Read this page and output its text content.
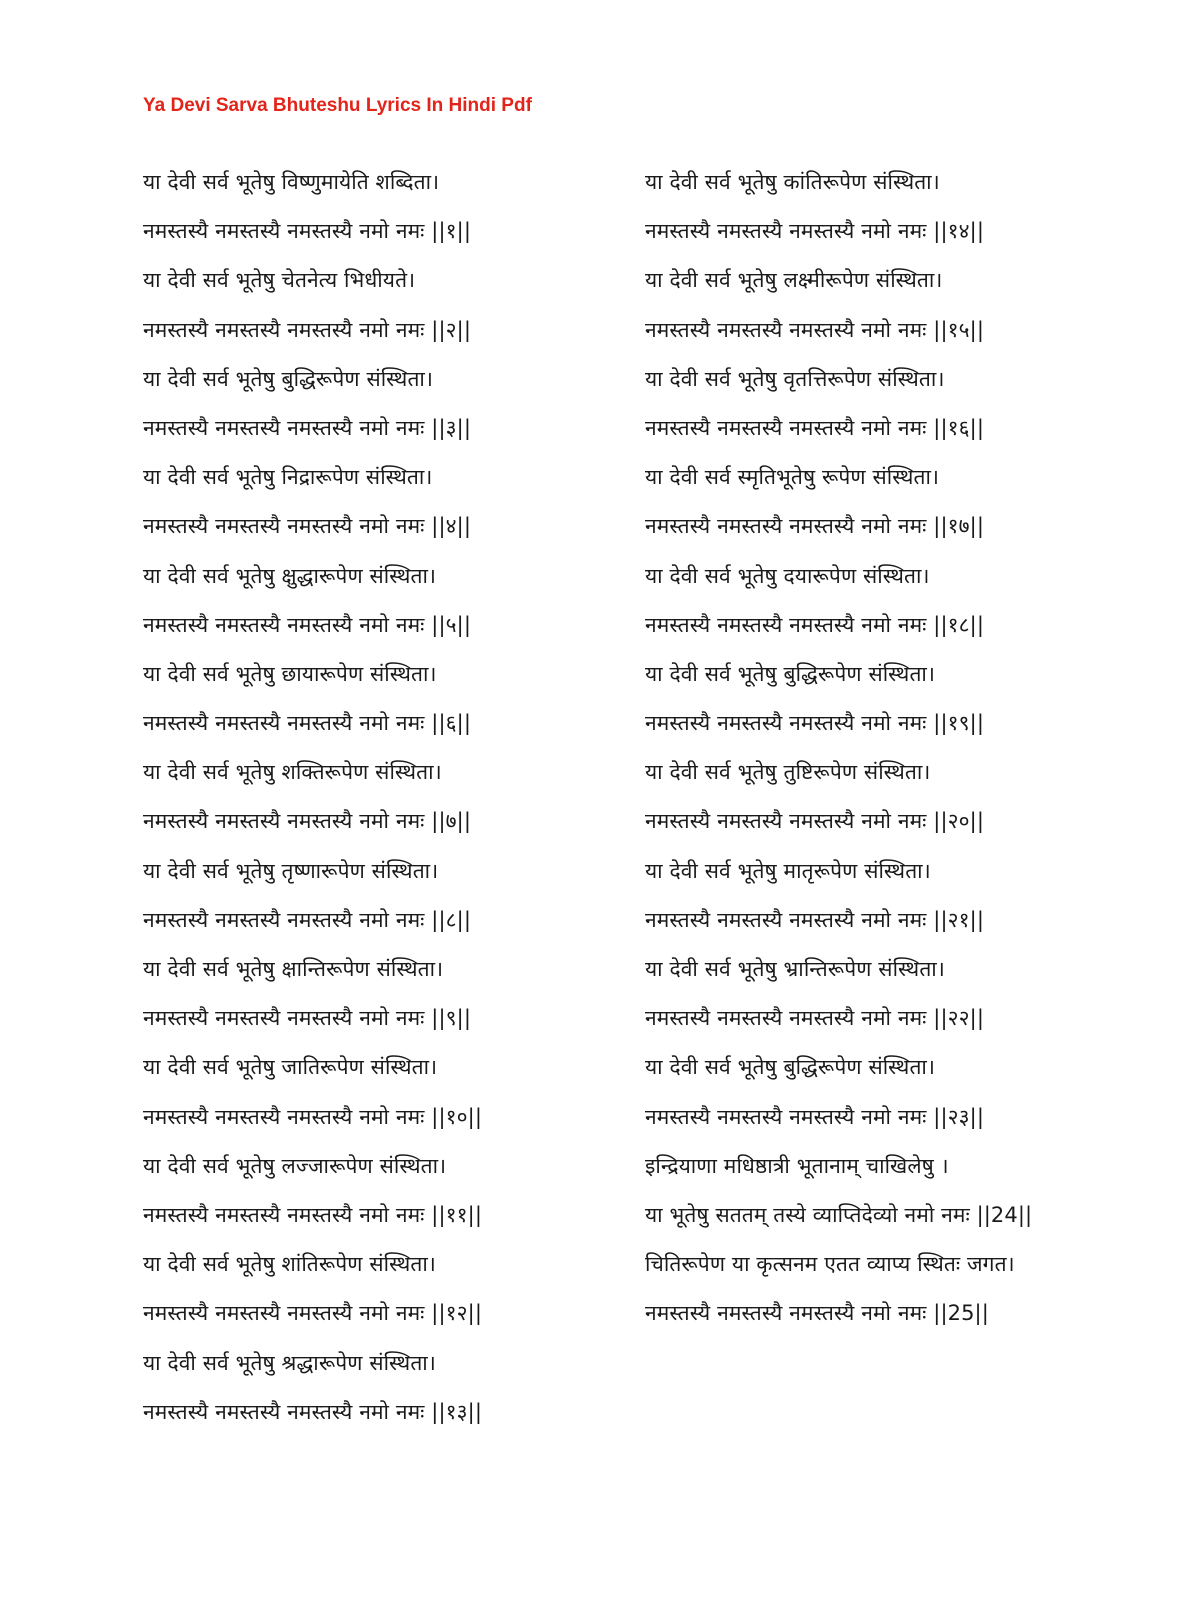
Ya Devi Sarva Bhuteshu Lyrics In Hindi Pdf
या देवी सर्व भूतेषु विष्णुमायेति शब्दिता।
नमस्तस्यै नमस्तस्यै नमस्तस्यै नमो नमः ||१||
या देवी सर्व भूतेषु चेतनेत्य भिधीयते।
नमस्तस्यै नमस्तस्यै नमस्तस्यै नमो नमः ||२||
या देवी सर्व भूतेषु बुद्धिरूपेण संस्थिता।
नमस्तस्यै नमस्तस्यै नमस्तस्यै नमो नमः ||३||
या देवी सर्व भूतेषु निद्रारूपेण संस्थिता।
नमस्तस्यै नमस्तस्यै नमस्तस्यै नमो नमः ||४||
या देवी सर्व भूतेषु क्षुद्धारूपेण संस्थिता।
नमस्तस्यै नमस्तस्यै नमस्तस्यै नमो नमः ||५||
या देवी सर्व भूतेषु छायारूपेण संस्थिता।
नमस्तस्यै नमस्तस्यै नमस्तस्यै नमो नमः ||६||
या देवी सर्व भूतेषु शक्तिरूपेण संस्थिता।
नमस्तस्यै नमस्तस्यै नमस्तस्यै नमो नमः ||७||
या देवी सर्व भूतेषु तृष्णारूपेण संस्थिता।
नमस्तस्यै नमस्तस्यै नमस्तस्यै नमो नमः ||८||
या देवी सर्व भूतेषु क्षान्तिरूपेण संस्थिता।
नमस्तस्यै नमस्तस्यै नमस्तस्यै नमो नमः ||९||
या देवी सर्व भूतेषु जातिरूपेण संस्थिता।
नमस्तस्यै नमस्तस्यै नमस्तस्यै नमो नमः ||१०||
या देवी सर्व भूतेषु लज्जारूपेण संस्थिता।
नमस्तस्यै नमस्तस्यै नमस्तस्यै नमो नमः ||११||
या देवी सर्व भूतेषु शांतिरूपेण संस्थिता।
नमस्तस्यै नमस्तस्यै नमस्तस्यै नमो नमः ||१२||
या देवी सर्व भूतेषु श्रद्धारूपेण संस्थिता।
नमस्तस्यै नमस्तस्यै नमस्तस्यै नमो नमः ||१३||
या देवी सर्व भूतेषु कांतिरूपेण संस्थिता।
नमस्तस्यै नमस्तस्यै नमस्तस्यै नमो नमः ||१४||
या देवी सर्व भूतेषु लक्ष्मीरूपेण संस्थिता।
नमस्तस्यै नमस्तस्यै नमस्तस्यै नमो नमः ||१५||
या देवी सर्व भूतेषु वृतत्तिरूपेण संस्थिता।
नमस्तस्यै नमस्तस्यै नमस्तस्यै नमो नमः ||१६||
या देवी सर्व स्मृतिभूतेषु रूपेण संस्थिता।
नमस्तस्यै नमस्तस्यै नमस्तस्यै नमो नमः ||१७||
या देवी सर्व भूतेषु दयारूपेण संस्थिता।
नमस्तस्यै नमस्तस्यै नमस्तस्यै नमो नमः ||१८||
या देवी सर्व भूतेषु बुद्धिरूपेण संस्थिता।
नमस्तस्यै नमस्तस्यै नमस्तस्यै नमो नमः ||१९||
या देवी सर्व भूतेषु तुष्टिरूपेण संस्थिता।
नमस्तस्यै नमस्तस्यै नमस्तस्यै नमो नमः ||२०||
या देवी सर्व भूतेषु मातृरूपेण संस्थिता।
नमस्तस्यै नमस्तस्यै नमस्तस्यै नमो नमः ||२१||
या देवी सर्व भूतेषु भ्रान्तिरूपेण संस्थिता।
नमस्तस्यै नमस्तस्यै नमस्तस्यै नमो नमः ||२२||
या देवी सर्व भूतेषु बुद्धिरूपेण संस्थिता।
नमस्तस्यै नमस्तस्यै नमस्तस्यै नमो नमः ||२३||
इन्द्रियाणा मधिष्ठात्री भूतानाम् चाखिलेषु ।
या भूतेषु सततम् तस्ये व्याप्तिदेव्यो नमो नमः ||24||
चितिरूपेण या कृत्सनम एतत व्याप्य स्थितः जगत।
नमस्तस्यै नमस्तस्यै नमस्तस्यै नमो नमः ||25||
